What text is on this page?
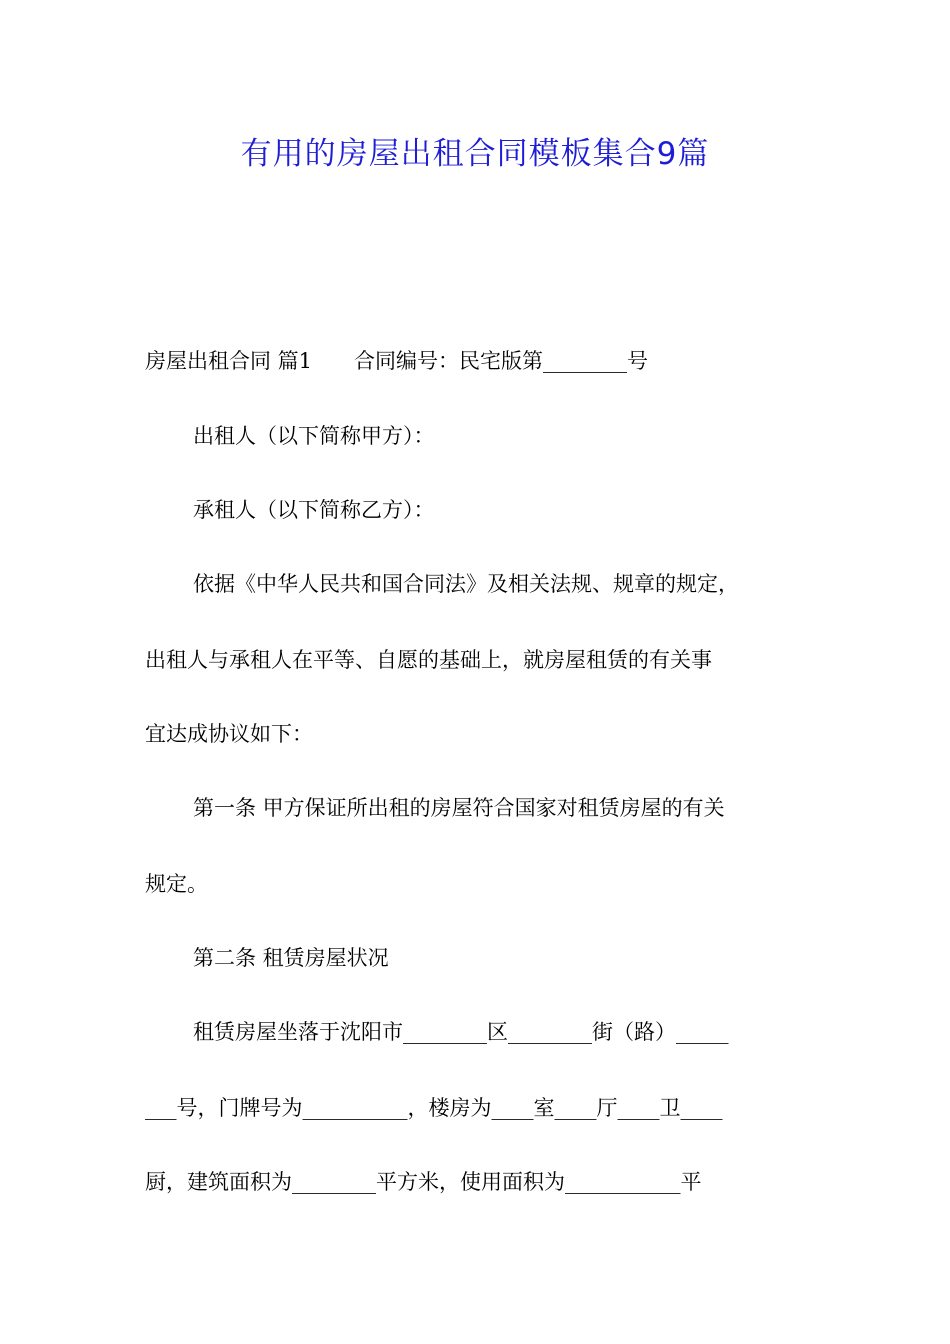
有用的房屋出租合同模板集合9篇
房屋出租合同 篇1　　合同编号：民宅版第________号
出租人（以下简称甲方）：
承租人（以下简称乙方）：
依据《中华人民共和国合同法》及相关法规、规章的规定，
出租人与承租人在平等、自愿的基础上，就房屋租赁的有关事
宜达成协议如下：
第一条 甲方保证所出租的房屋符合国家对租赁房屋的有关
规定。
第二条 租赁房屋状况
租赁房屋坐落于沈阳市________区________街（路）_____
___号，门牌号为__________，楼房为____室____厅____卫____
厨，建筑面积为________平方米，使用面积为___________平
